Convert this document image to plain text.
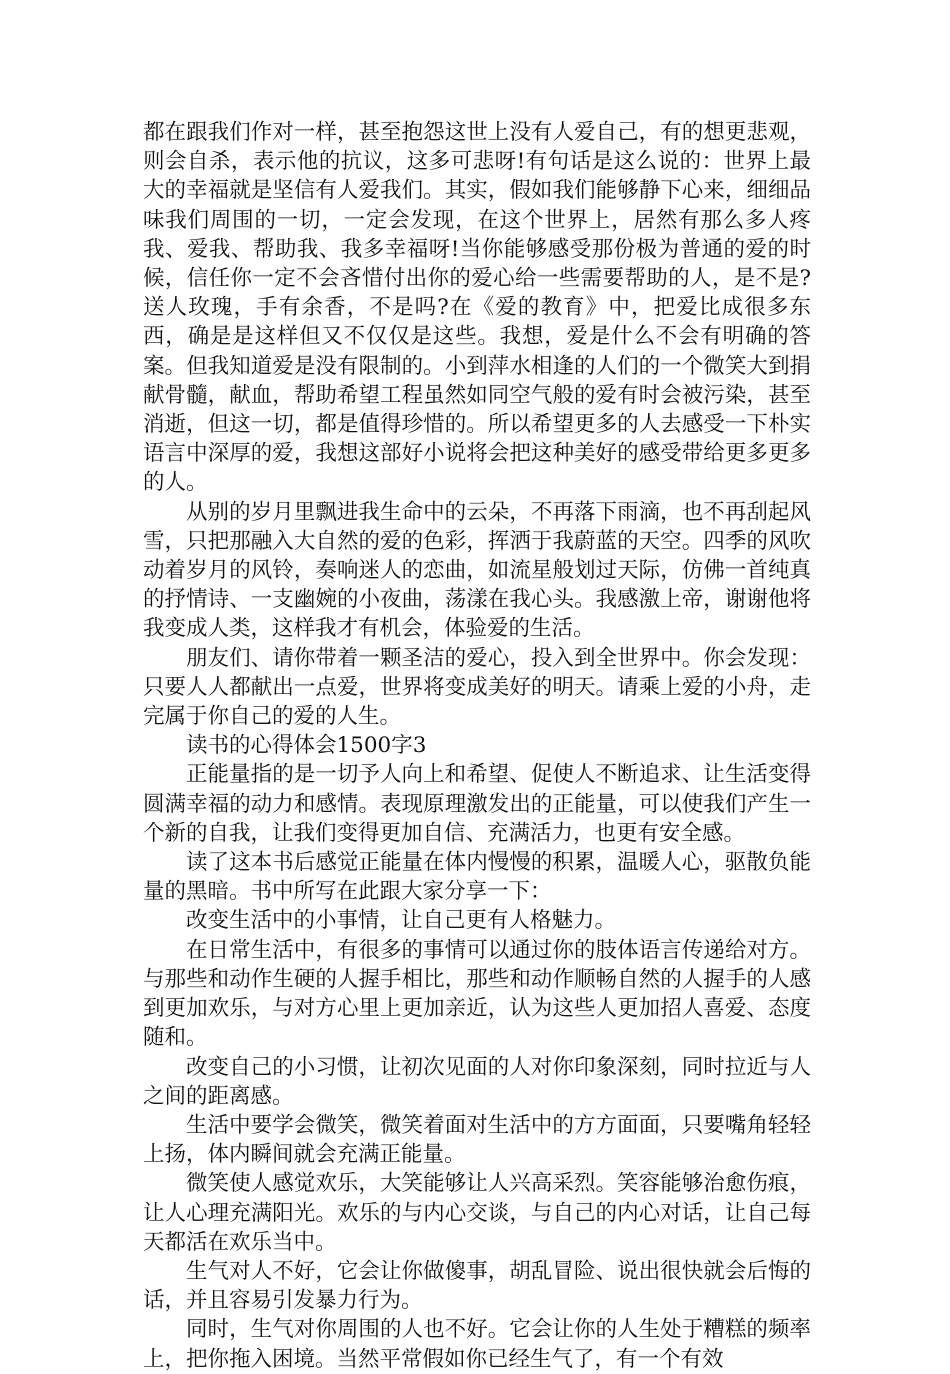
都在跟我们作对一样，甚至抱怨这世上没有人爱自己，有的想更悲观，则会自杀，表示他的抗议，这多可悲呀!有句话是这么说的：世界上最大的幸福就是坚信有人爱我们。其实，假如我们能够静下心来，细细品味我们周围的一切，一定会发现，在这个世界上，居然有那么多人疼我、爱我、帮助我、我多幸福呀!当你能够感受那份极为普通的爱的时候，信任你一定不会吝惜付出你的爱心给一些需要帮助的人，是不是?送人玫瑰，手有余香，不是吗?在《爱的教育》中，把爱比成很多东西，确是是这样但又不仅仅是这些。我想，爱是什么不会有明确的答案。但我知道爱是没有限制的。小到萍水相逢的人们的一个微笑大到捐献骨髓，献血，帮助希望工程虽然如同空气般的爱有时会被污染，甚至消逝，但这一切，都是值得珍惜的。所以希望更多的人去感受一下朴实语言中深厚的爱，我想这部好小说将会把这种美好的感受带给更多更多的人。

从别的岁月里飘进我生命中的云朵，不再落下雨滴，也不再刮起风雪，只把那融入大自然的爱的色彩，挥洒于我蔚蓝的天空。四季的风吹动着岁月的风铃，奏响迷人的恋曲，如流星般划过天际，仿佛一首纯真的抒情诗、一支幽婉的小夜曲，荡漾在我心头。我感激上帝，谢谢他将我变成人类，这样我才有机会，体验爱的生活。

朋友们、请你带着一颗圣洁的爱心，投入到全世界中。你会发现：只要人人都献出一点爱，世界将变成美好的明天。请乘上爱的小舟，走完属于你自己的爱的人生。

读书的心得体会1500字3

正能量指的是一切予人向上和希望、促使人不断追求、让生活变得圆满幸福的动力和感情。表现原理激发出的正能量，可以使我们产生一个新的自我，让我们变得更加自信、充满活力，也更有安全感。

读了这本书后感觉正能量在体内慢慢的积累，温暖人心，驱散负能量的黑暗。书中所写在此跟大家分享一下：

改变生活中的小事情，让自己更有人格魅力。

在日常生活中，有很多的事情可以通过你的肢体语言传递给对方。与那些和动作生硬的人握手相比，那些和动作顺畅自然的人握手的人感到更加欢乐，与对方心里上更加亲近，认为这些人更加招人喜爱、态度随和。

改变自己的小习惯，让初次见面的人对你印象深刻，同时拉近与人之间的距离感。

生活中要学会微笑，微笑着面对生活中的方方面面，只要嘴角轻轻上扬，体内瞬间就会充满正能量。

微笑使人感觉欢乐，大笑能够让人兴高采烈。笑容能够治愈伤痕，让人心理充满阳光。欢乐的与内心交谈，与自己的内心对话，让自己每天都活在欢乐当中。

生气对人不好，它会让你做傻事，胡乱冒险、说出很快就会后悔的话，并且容易引发暴力行为。

同时，生气对你周围的人也不好。它会让你的人生处于糟糕的频率上，把你拖入困境。当然平常假如你已经生气了，有一个有效
